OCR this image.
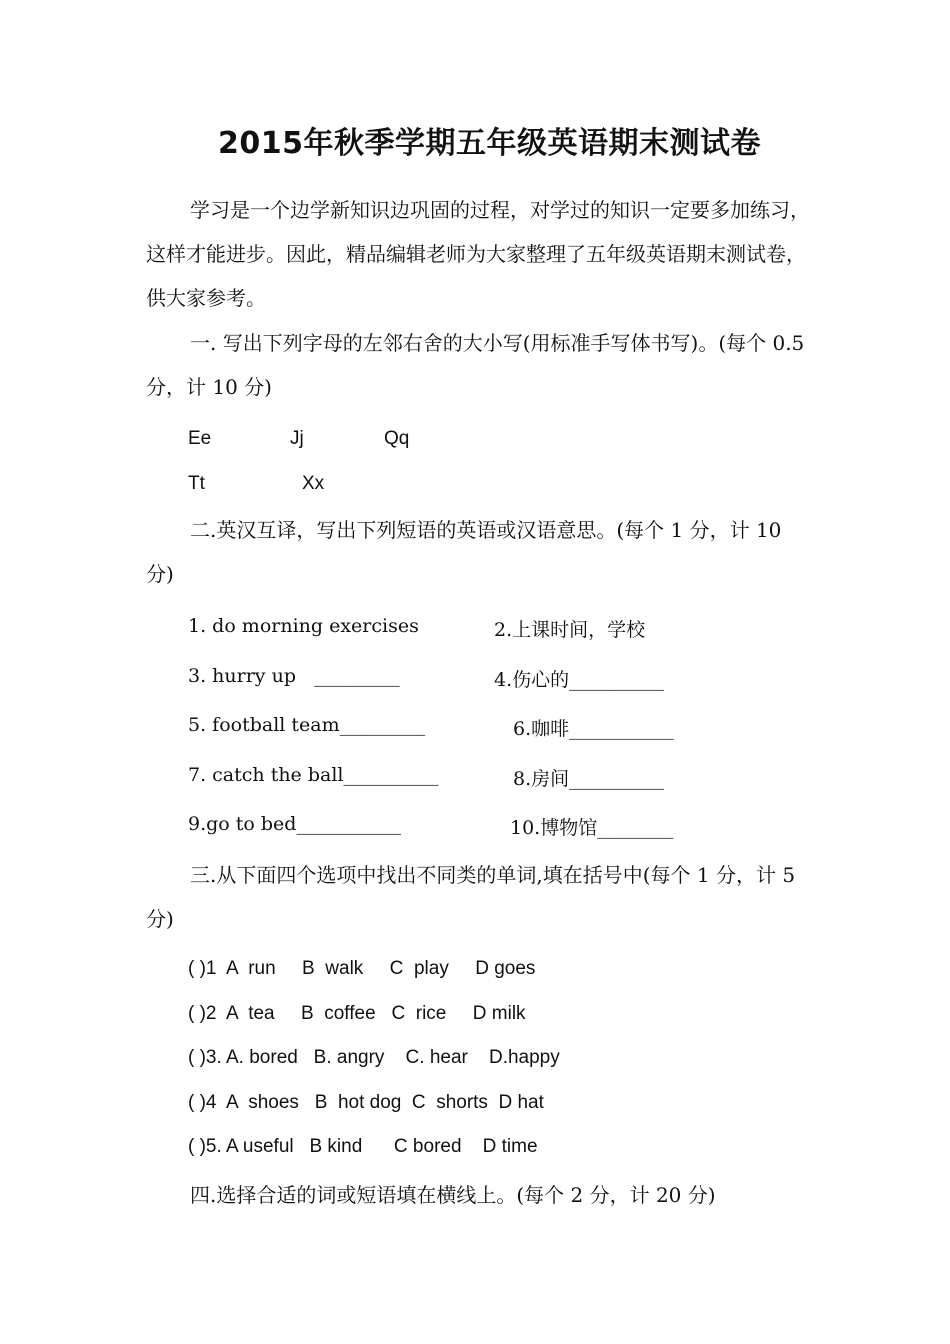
2015年秋季学期五年级英语期末测试卷
学习是一个边学新知识边巩固的过程，对学过的知识一定要多加练习，这样才能进步。因此，精品编辑老师为大家整理了五年级英语期末测试卷，供大家参考。
一. 写出下列字母的左邻右舍的大小写(用标准手写体书写)。(每个 0.5 分，计 10 分)
Ee	Jj	Qq
Tt	Xx
二.英汉互译，写出下列短语的英语或汉语意思。(每个 1 分，计 10 分)
1. do morning exercises	2.上课时间，学校
3. hurry up   _________	4.伤心的__________
5. football team_________	6.咖啡___________
7. catch the ball__________	8.房间__________
9.go to bed___________	10.博物馆________
三.从下面四个选项中找出不同类的单词,填在括号中(每个 1 分，计 5 分)
( )1  A  run     B  walk     C  play     D goes
( )2  A  tea     B  coffee   C  rice     D milk
( )3. A. bored   B. angry    C. hear    D.happy
( )4  A  shoes   B  hot dog  C  shorts  D hat
( )5. A useful   B kind      C bored    D time
四.选择合适的词或短语填在横线上。(每个 2 分，计 20 分)
